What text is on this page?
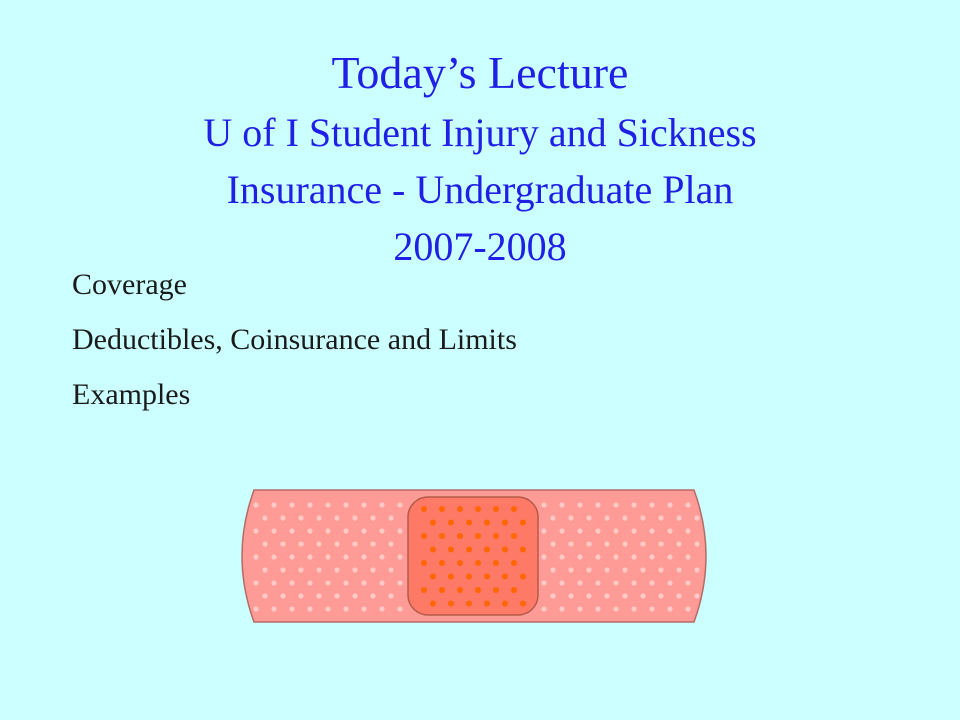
Today’s Lecture

U of I Student Injury and Sickness

Insurance - Undergraduate Plan

2007-2008

Coverage
Deductibles, Coinsurance and Limits
Examples
